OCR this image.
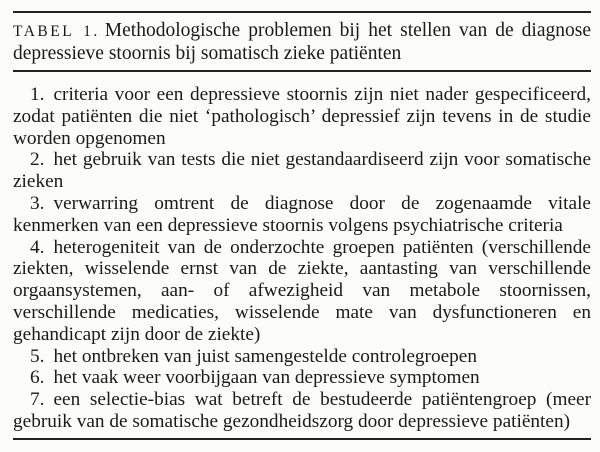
TABEL 1. Methodologische problemen bij het stellen van de diagnose depressieve stoornis bij somatisch zieke patiënten

1. criteria voor een depressieve stoornis zijn niet nader gespecificeerd, zodat patiënten die niet ‘pathologisch’ depressief zijn tevens in de studie worden opgenomen

2. het gebruik van tests die niet gestandaardiseerd zijn voor somatische zieken

3. verwarring omtrent de diagnose door de zogenaamde vitale kenmerken van een depressieve stoornis volgens psychiatrische criteria

4. heterogeniteit van de onderzochte groepen patiënten (verschillende ziekten, wisselende ernst van de ziekte, aantasting van verschillende orgaansystemen, aan- of afwezigheid van metabole stoornissen, verschillende medicaties, wisselende mate van dysfunctioneren en gehandicapt zijn door de ziekte)

5. het ontbreken van juist samengestelde controlegroepen

6. het vaak weer voorbijgaan van depressieve symptomen

7. een selectie-bias wat betreft de bestudeerde patiëntengroep (meer gebruik van de somatische gezondheidszorg door depressieve patiënten)
